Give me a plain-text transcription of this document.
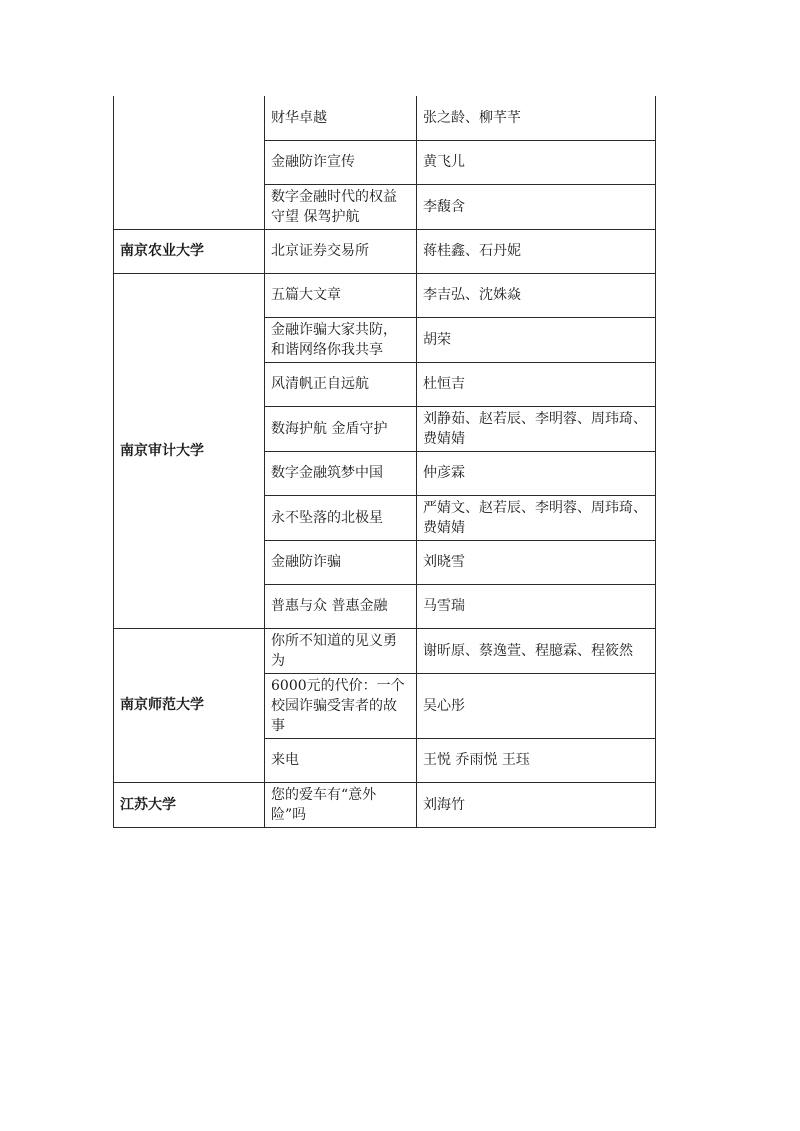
	财华卓越	张之龄、柳芊芊
	金融防诈宣传	黄飞儿
	数字金融时代的权益守望 保驾护航	李馥含
南京农业大学	北京证券交易所	蒋桂鑫、石丹妮
南京审计大学	五篇大文章	李吉弘、沈姝焱
	金融诈骗大家共防，和谐网络你我共享	胡荣
	风清帆正自远航	杜恒吉
	数海护航 金盾守护	刘静茹、赵若辰、李明蓉、周玮琦、费婧婧
	数字金融筑梦中国	仲彦霖
	永不坠落的北极星	严婧文、赵若辰、李明蓉、周玮琦、费婧婧
	金融防诈骗	刘晓雪
	普惠与众 普惠金融	马雪瑞
南京师范大学	你所不知道的见义勇为	谢昕原、蔡逸萱、程臆霖、程筱然
	6000元的代价：一个校园诈骗受害者的故事	吴心彤
	来电	王悦 乔雨悦 王珏
江苏大学	您的爱车有“意外险”吗	刘海竹
